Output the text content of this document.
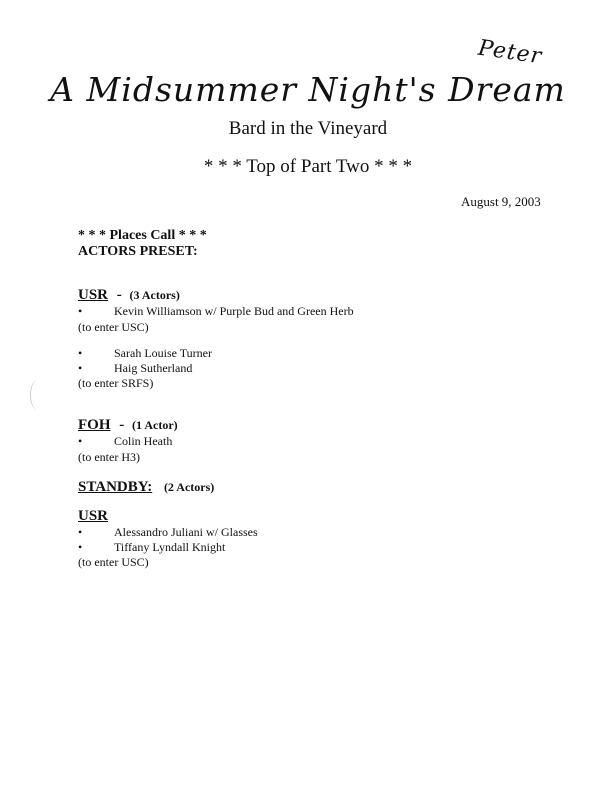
Peter
A Midsummer Night's Dream
Bard in the Vineyard
* * * Top of Part Two * * *
August 9, 2003
* * * Places Call * * *
ACTORS PRESET:
USR - (3 Actors)
•	Kevin Williamson w/ Purple Bud and Green Herb
(to enter USC)
•	Sarah Louise Turner
•	Haig Sutherland
(to enter SRFS)
FOH - (1 Actor)
•	Colin Heath
(to enter H3)
STANDBY: (2 Actors)
USR
•	Alessandro Juliani w/ Glasses
•	Tiffany Lyndall Knight
(to enter USC)
